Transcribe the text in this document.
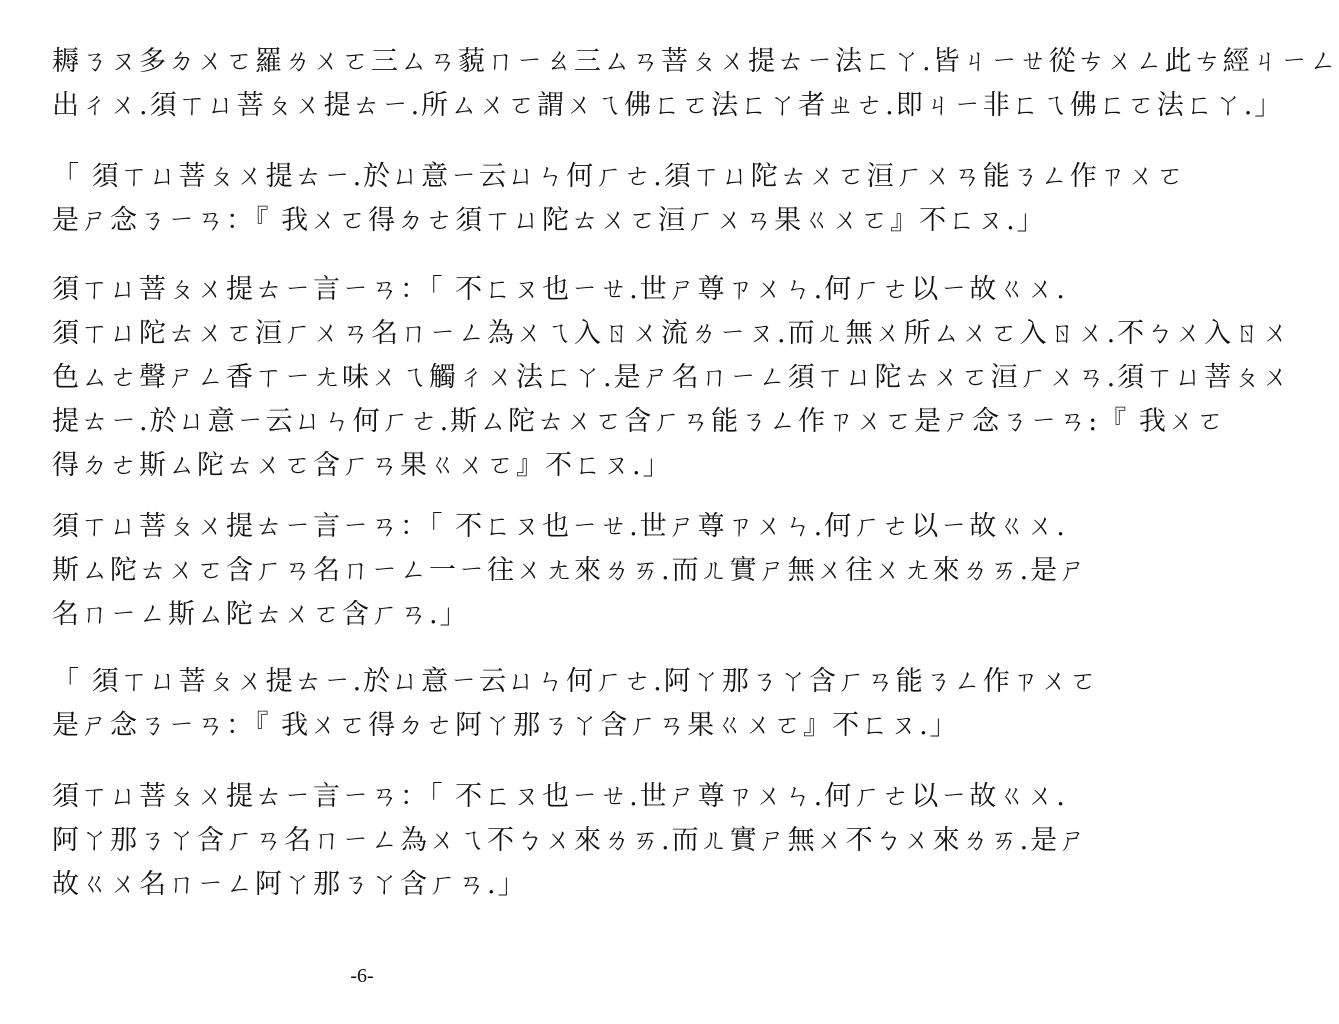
耨ㄋㄡ多ㄉㄨㄛ羅ㄌㄨㄛ三ㄙㄢ藐ㄇㄧㄠ三ㄙㄢ菩ㄆㄨ提ㄊㄧ法ㄈㄚ.皆ㄐㄧㄝ從ㄘㄨㄥ此ㄘ經ㄐㄧㄥ
出ㄔㄨ.須ㄒㄩ菩ㄆㄨ提ㄊㄧ.所ㄙㄨㄛ謂ㄨㄟ佛ㄈㄛ法ㄈㄚ者ㄓㄜ.即ㄐㄧ非ㄈㄟ佛ㄈㄛ法ㄈㄚ.」
「 須ㄒㄩ菩ㄆㄨ提ㄊㄧ.於ㄩ意ㄧ云ㄩㄣ何ㄏㄜ.須ㄒㄩ陀ㄊㄨㄛ洹ㄏㄨㄢ能ㄋㄥ作ㄗㄨㄛ
是ㄕ念ㄋㄧㄢ：『 我ㄨㄛ得ㄉㄜ須ㄒㄩ陀ㄊㄨㄛ洹ㄏㄨㄢ果ㄍㄨㄛ』不ㄈㄡ.」
須ㄒㄩ菩ㄆㄨ提ㄊㄧ言ㄧㄢ：「 不ㄈㄡ也ㄧㄝ.世ㄕ尊ㄗㄨㄣ.何ㄏㄜ以ㄧ故ㄍㄨ.
須ㄒㄩ陀ㄊㄨㄛ洹ㄏㄨㄢ名ㄇㄧㄥ為ㄨㄟ入ㄖㄨ流ㄌㄧㄡ.而ㄦ無ㄨ所ㄙㄨㄛ入ㄖㄨ.不ㄅㄨ入ㄖㄨ
色ㄙㄜ聲ㄕㄥ香ㄒㄧㄤ味ㄨㄟ觸ㄔㄨ法ㄈㄚ.是ㄕ名ㄇㄧㄥ須ㄒㄩ陀ㄊㄨㄛ洹ㄏㄨㄢ.須ㄒㄩ菩ㄆㄨ
提ㄊㄧ.於ㄩ意ㄧ云ㄩㄣ何ㄏㄜ.斯ㄙ陀ㄊㄨㄛ含ㄏㄢ能ㄋㄥ作ㄗㄨㄛ是ㄕ念ㄋㄧㄢ:『 我ㄨㄛ
得ㄉㄜ斯ㄙ陀ㄊㄨㄛ含ㄏㄢ果ㄍㄨㄛ』不ㄈㄡ.」
須ㄒㄩ菩ㄆㄨ提ㄊㄧ言ㄧㄢ：「 不ㄈㄡ也ㄧㄝ.世ㄕ尊ㄗㄨㄣ.何ㄏㄜ以ㄧ故ㄍㄨ.
斯ㄙ陀ㄊㄨㄛ含ㄏㄢ名ㄇㄧㄥ一ㄧ往ㄨㄤ來ㄌㄞ.而ㄦ實ㄕ無ㄨ往ㄨㄤ來ㄌㄞ.是ㄕ
名ㄇㄧㄥ斯ㄙ陀ㄊㄨㄛ含ㄏㄢ.」
「 須ㄒㄩ菩ㄆㄨ提ㄊㄧ.於ㄩ意ㄧ云ㄩㄣ何ㄏㄜ.阿ㄚ那ㄋㄚ含ㄏㄢ能ㄋㄥ作ㄗㄨㄛ
是ㄕ念ㄋㄧㄢ：『 我ㄨㄛ得ㄉㄜ阿ㄚ那ㄋㄚ含ㄏㄢ果ㄍㄨㄛ』不ㄈㄡ.」
須ㄒㄩ菩ㄆㄨ提ㄊㄧ言ㄧㄢ：「 不ㄈㄡ也ㄧㄝ.世ㄕ尊ㄗㄨㄣ.何ㄏㄜ以ㄧ故ㄍㄨ.
阿ㄚ那ㄋㄚ含ㄏㄢ名ㄇㄧㄥ為ㄨㄟ不ㄅㄨ來ㄌㄞ.而ㄦ實ㄕ無ㄨ不ㄅㄨ來ㄌㄞ.是ㄕ
故ㄍㄨ名ㄇㄧㄥ阿ㄚ那ㄋㄚ含ㄏㄢ.」
-6-
